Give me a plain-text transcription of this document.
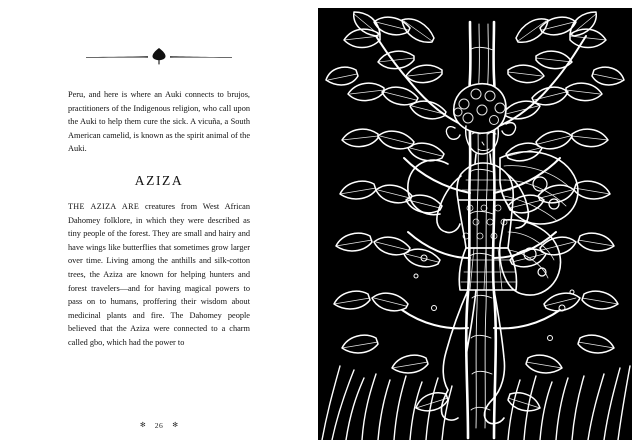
Peru, and here is where an Auki connects to brujos, practitioners of the Indigenous religion, who call upon the Auki to help them cure the sick. A vicuña, a South American camelid, is known as the spirit animal of the Auki.

AZIZA

THE AZIZA ARE creatures from West African Dahomey folklore, in which they were described as tiny people of the forest. They are small and hairy and have wings like butterflies that sometimes grow larger over time. Living among the anthills and silk-cotton trees, the Aziza are known for helping hunters and forest travelers—and for having magical powers to pass on to humans, proffering their wisdom about medicinal plants and fire. The Dahomey people believed that the Aziza were connected to a charm called gbo, which had the power to

✻ 26 ✻
